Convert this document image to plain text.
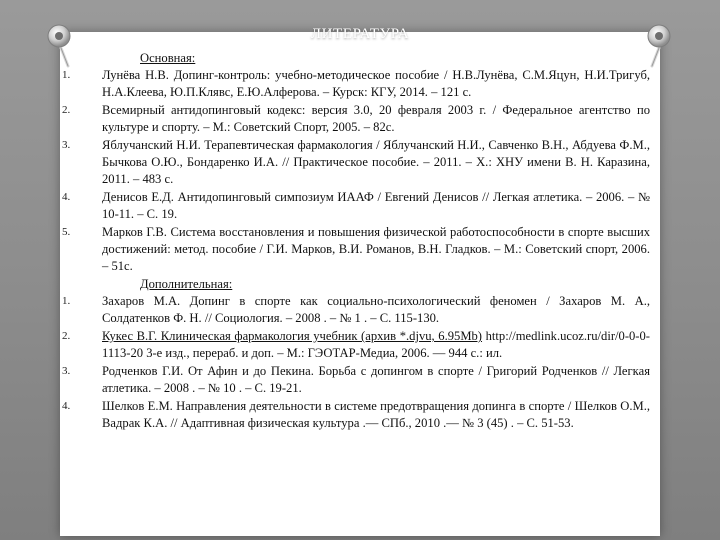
ЛИТЕРАТУРА
Основная:
1.	Лунёва Н.В. Допинг-контроль: учебно-методическое пособие / Н.В.Лунёва, С.М.Яцун, Н.И.Тригуб, Н.А.Клеева, Ю.П.Клявс, Е.Ю.Алферова. – Курск: КГУ, 2014. – 121 с.
2.	Всемирный антидопинговый кодекс: версия 3.0, 20 февраля 2003 г. / Федеральное агентство по культуре и спорту. – М.: Советский Спорт, 2005. – 82с.
3.	Яблучанский Н.И. Терапевтическая фармакология / Яблучанский Н.И., Савченко В.Н., Абдуева Ф.М., Бычкова О.Ю., Бондаренко И.А. // Практическое пособие. – 2011. – Х.: ХНУ имени В. Н. Каразина, 2011. – 483 с.
4.	Денисов Е.Д. Антидопинговый симпозиум ИААФ / Евгений Денисов // Легкая атлетика. – 2006. – № 10-11. – С. 19.
5.	Марков Г.В. Система восстановления и повышения физической работоспособности в спорте высших достижений: метод. пособие / Г.И. Марков, В.И. Романов, В.Н. Гладков. – М.: Советский спорт, 2006. – 51с.
Дополнительная:
1.	Захаров М.А. Допинг в спорте как социально-психологический феномен / Захаров М. А., Солдатенков Ф. Н. // Социология. – 2008 . – № 1 . – С. 115-130.
2.	Кукес В.Г. Клиническая фармакология учебник (архив *.djvu, 6.95Mb) http://medlink.ucoz.ru/dir/0-0-0-1113-20 3-е изд., перераб. и доп. – М.: ГЭОТАР-Медиа, 2006. — 944 с.: ил.
3.	Родченков Г.И. От Афин и до Пекина. Борьба с допингом в спорте / Григорий Родченков // Легкая атлетика. – 2008 . – № 10 . – С. 19-21.
4.	Шелков Е.М. Направления деятельности в системе предотвращения допинга в спорте / Шелков О.М., Вадрак К.А. // Адаптивная физическая культура .— СПб., 2010 .— № 3 (45) . – С. 51-53.
